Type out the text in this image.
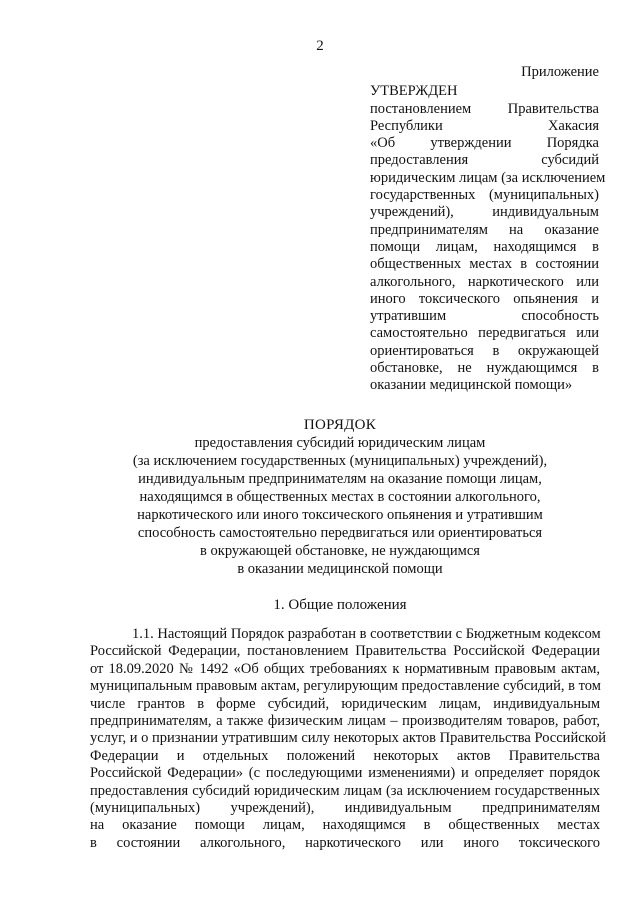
2
Приложение
УТВЕРЖДЕН
постановлением Правительства
Республики Хакасия
«Об утверждении Порядка
предоставления субсидий
юридическим лицам (за исключением
государственных (муниципальных)
учреждений), индивидуальным
предпринимателям на оказание
помощи лицам, находящимся в
общественных местах в состоянии
алкогольного, наркотического или
иного токсического опьянения и
утратившим способность
самостоятельно передвигаться или
ориентироваться в окружающей
обстановке, не нуждающимся в
оказании медицинской помощи»
ПОРЯДОК
предоставления субсидий юридическим лицам
(за исключением государственных (муниципальных) учреждений),
индивидуальным предпринимателям на оказание помощи лицам,
находящимся в общественных местах в состоянии алкогольного,
наркотического или иного токсического опьянения и утратившим
способность самостоятельно передвигаться или ориентироваться
в окружающей обстановке, не нуждающимся
в оказании медицинской помощи
1. Общие положения
1.1. Настоящий Порядок разработан в соответствии с Бюджетным кодексом
Российской Федерации, постановлением Правительства Российской Федерации
от 18.09.2020 № 1492 «Об общих требованиях к нормативным правовым актам,
муниципальным правовым актам, регулирующим предоставление субсидий, в том
числе грантов в форме субсидий, юридическим лицам, индивидуальным
предпринимателям, а также физическим лицам – производителям товаров, работ,
услуг, и о признании утратившим силу некоторых актов Правительства Российской
Федерации и отдельных положений некоторых актов Правительства
Российской Федерации» (с последующими изменениями) и определяет порядок
предоставления субсидий юридическим лицам (за исключением государственных
(муниципальных) учреждений), индивидуальным предпринимателям
на оказание помощи лицам, находящимся в общественных местах
в состоянии алкогольного, наркотического или иного токсического
